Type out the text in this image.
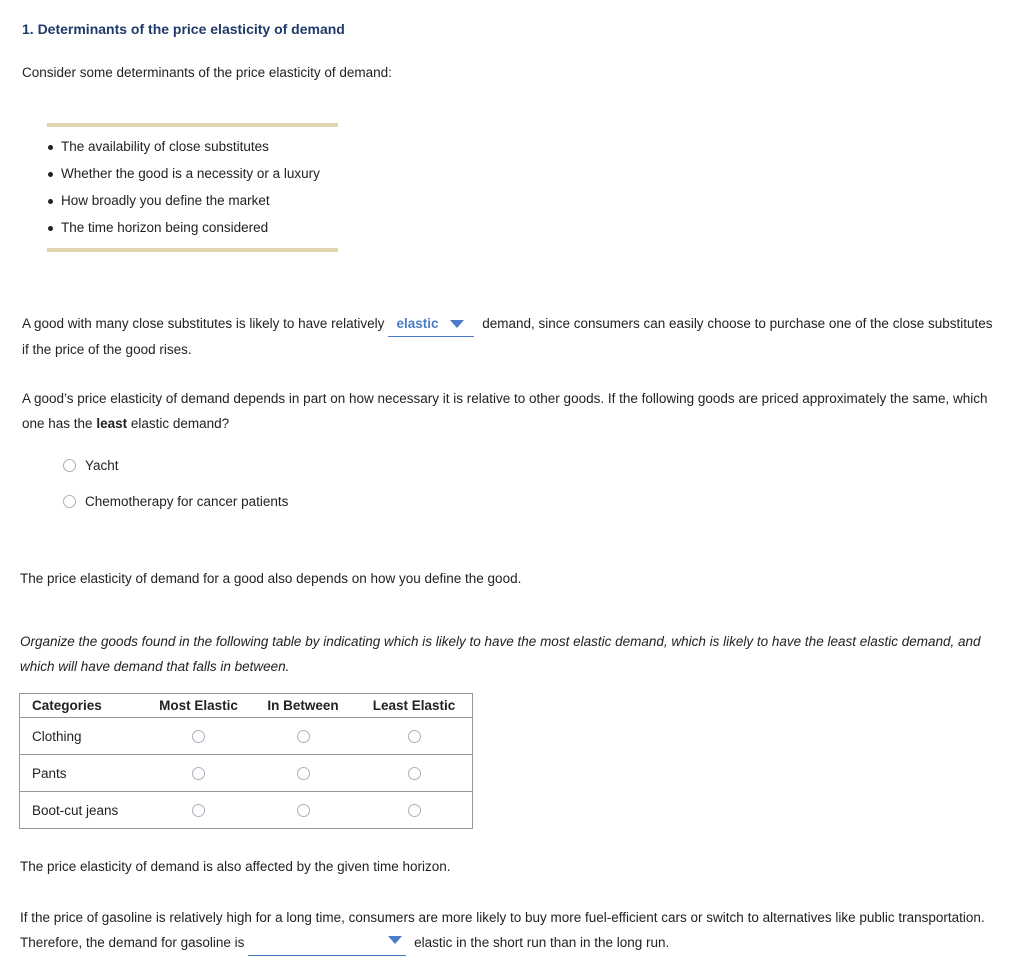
1. Determinants of the price elasticity of demand
Consider some determinants of the price elasticity of demand:
The availability of close substitutes
Whether the good is a necessity or a luxury
How broadly you define the market
The time horizon being considered
A good with many close substitutes is likely to have relatively elastic	demand, since consumers can easily choose to purchase one of the close substitutes if the price of the good rises.
A good’s price elasticity of demand depends in part on how necessary it is relative to other goods. If the following goods are priced approximately the same, which one has the least elastic demand?
Yacht
Chemotherapy for cancer patients
The price elasticity of demand for a good also depends on how you define the good.
Organize the goods found in the following table by indicating which is likely to have the most elastic demand, which is likely to have the least elastic demand, and which will have demand that falls in between.
Categories	Most Elastic	In Between	Least Elastic
Clothing			
Pants			
Boot-cut jeans			
The price elasticity of demand is also affected by the given time horizon.
If the price of gasoline is relatively high for a long time, consumers are more likely to buy more fuel-efficient cars or switch to alternatives like public transportation. Therefore, the demand for gasoline is	elastic in the short run than in the long run.
